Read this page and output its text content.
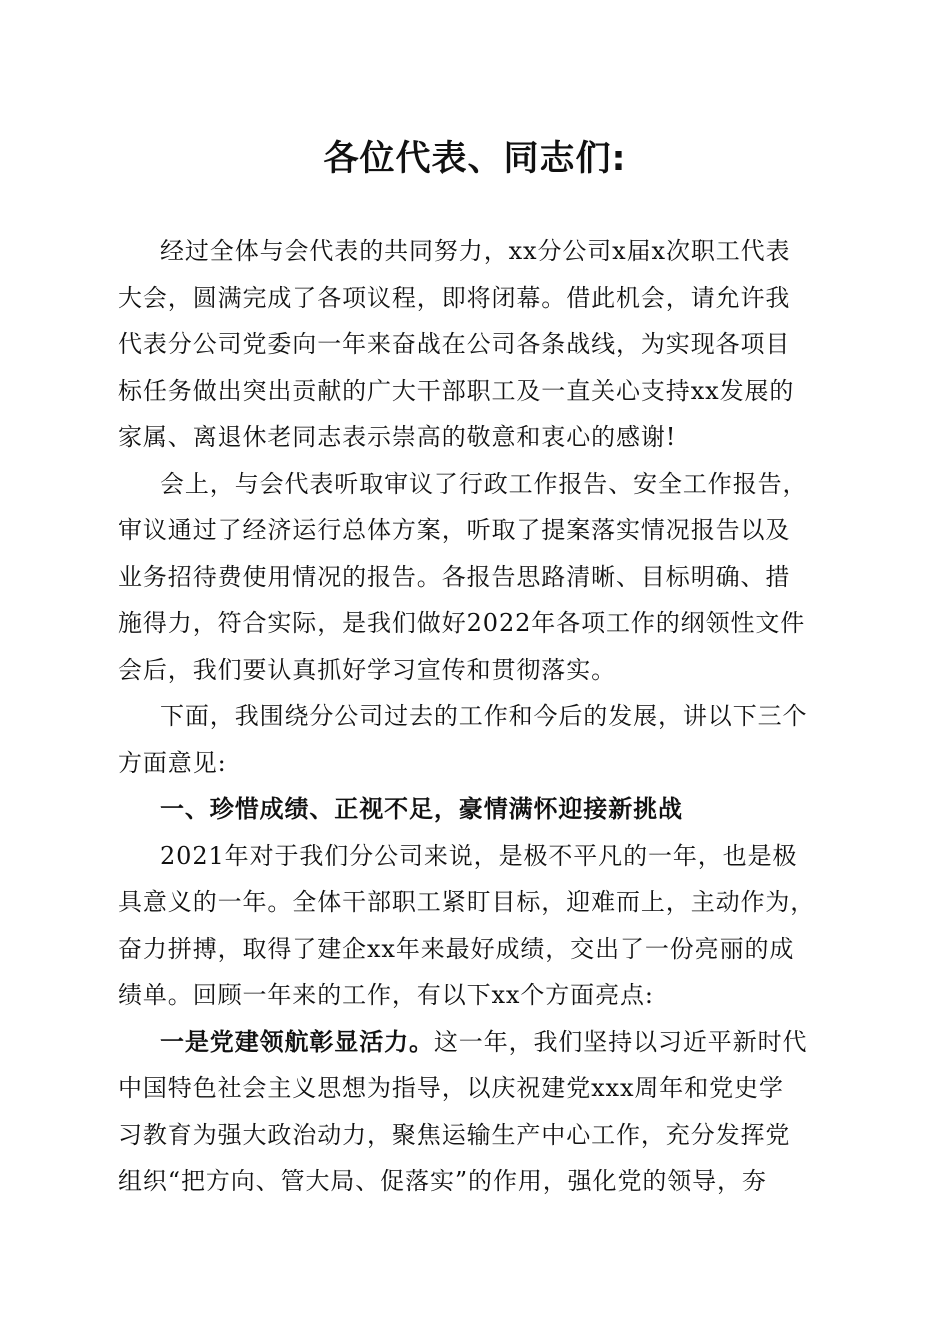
各位代表、同志们:
经过全体与会代表的共同努力，xx分公司x届x次职工代表
大会，圆满完成了各项议程，即将闭幕。借此机会，请允许我
代表分公司党委向一年来奋战在公司各条战线，为实现各项目
标任务做出突出贡献的广大干部职工及一直关心支持xx发展的
家属、离退休老同志表示崇高的敬意和衷心的感谢!
会上，与会代表听取审议了行政工作报告、安全工作报告，
审议通过了经济运行总体方案，听取了提案落实情况报告以及
业务招待费使用情况的报告。各报告思路清晰、目标明确、措
施得力，符合实际，是我们做好2022年各项工作的纲领性文件
会后，我们要认真抓好学习宣传和贯彻落实。
下面，我围绕分公司过去的工作和今后的发展，讲以下三个
方面意见:
一、珍惜成绩、正视不足，豪情满怀迎接新挑战
2021年对于我们分公司来说，是极不平凡的一年，也是极
具意义的一年。全体干部职工紧盯目标，迎难而上，主动作为，
奋力拼搏，取得了建企xx年来最好成绩，交出了一份亮丽的成
绩单。回顾一年来的工作，有以下xx个方面亮点:
一是党建领航彰显活力。这一年，我们坚持以习近平新时代
中国特色社会主义思想为指导，以庆祝建党xxx周年和党史学
习教育为强大政治动力，聚焦运输生产中心工作，充分发挥党
组织“把方向、管大局、促落实”的作用，强化党的领导，夯
